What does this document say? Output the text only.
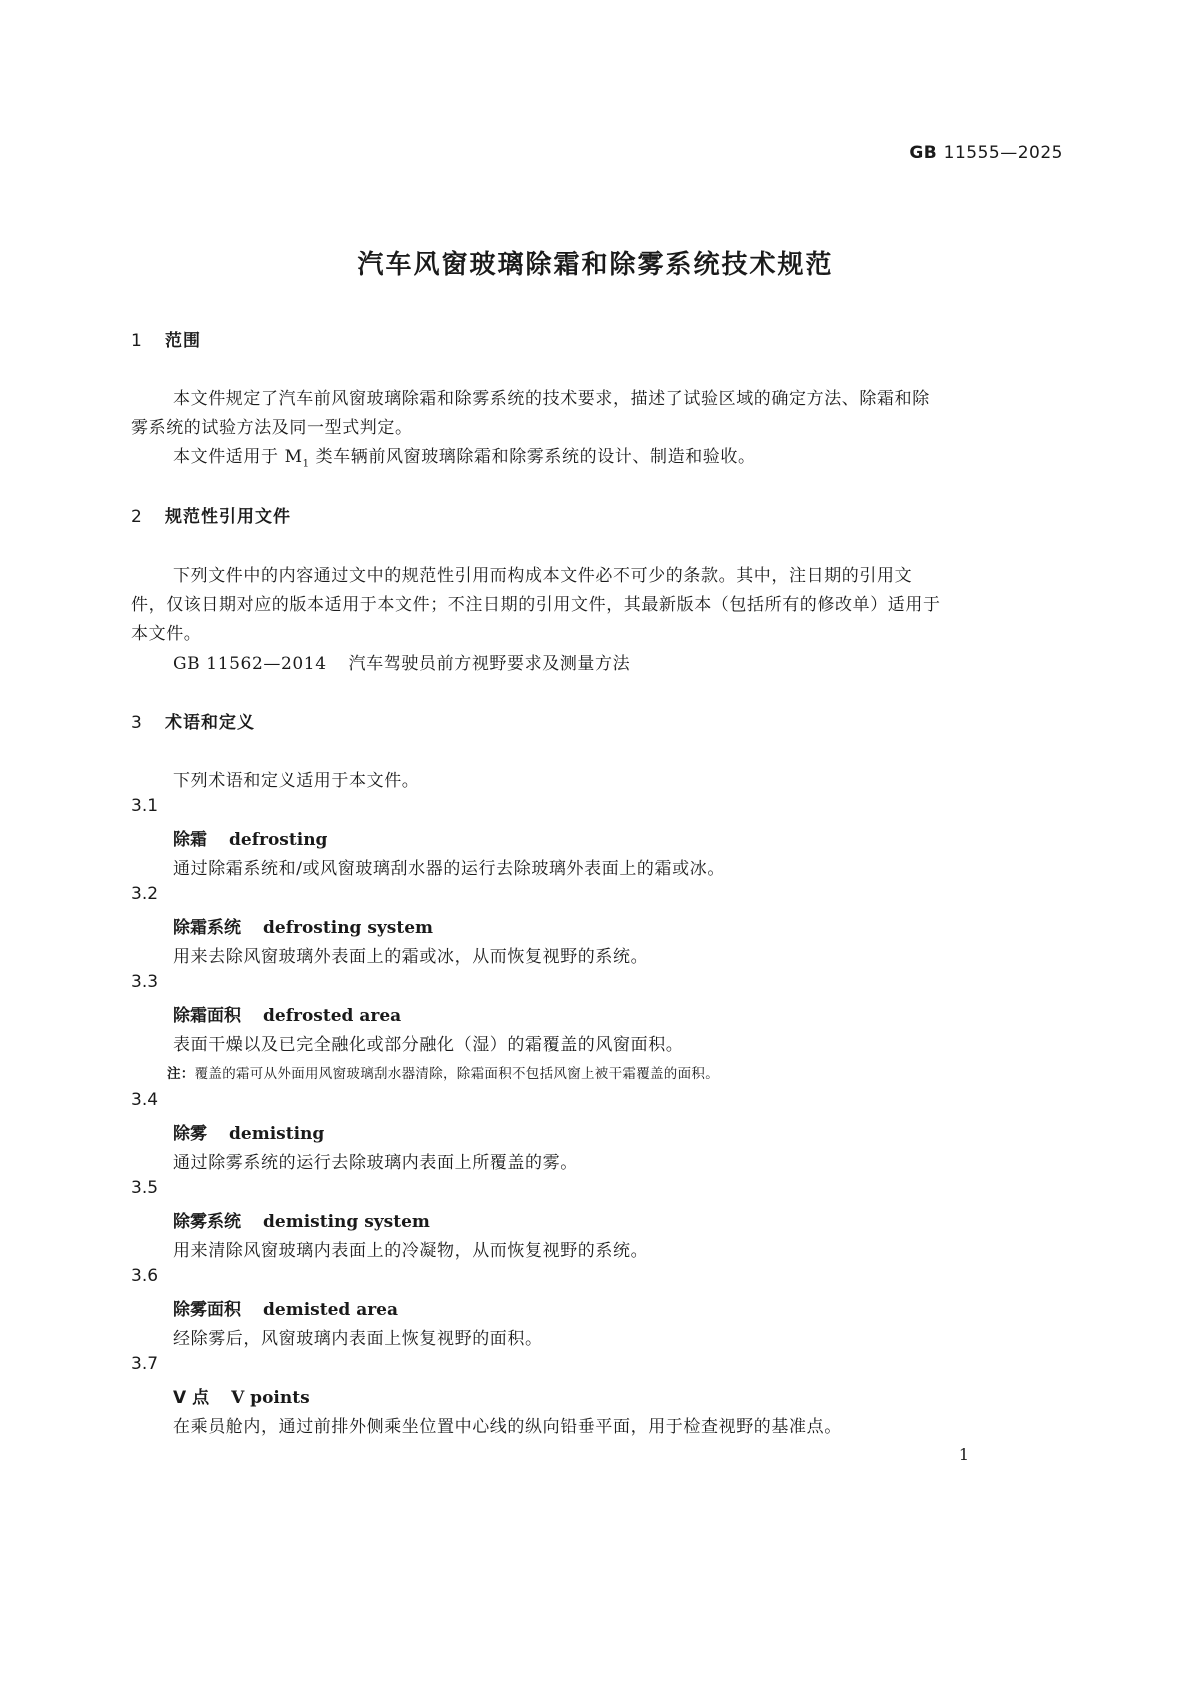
GB 11555—2025
汽车风窗玻璃除霜和除雾系统技术规范
1 范围
本文件规定了汽车前风窗玻璃除霜和除雾系统的技术要求，描述了试验区域的确定方法、除霜和除
雾系统的试验方法及同一型式判定。
本文件适用于 $M_1$ 类车辆前风窗玻璃除霜和除雾系统的设计、制造和验收。
2 规范性引用文件
下列文件中的内容通过文中的规范性引用而构成本文件必不可少的条款。其中，注日期的引用文
件，仅该日期对应的版本适用于本文件；不注日期的引用文件，其最新版本（包括所有的修改单）适用于
本文件。
GB 11562—2014 汽车驾驶员前方视野要求及测量方法
3 术语和定义
下列术语和定义适用于本文件。
3.1
除霜 defrosting
通过除霜系统和/或风窗玻璃刮水器的运行去除玻璃外表面上的霜或冰。
3.2
除霜系统 defrosting system
用来去除风窗玻璃外表面上的霜或冰，从而恢复视野的系统。
3.3
除霜面积 defrosted area
表面干燥以及已完全融化或部分融化（湿）的霜覆盖的风窗面积。
注：覆盖的霜可从外面用风窗玻璃刮水器清除，除霜面积不包括风窗上被干霜覆盖的面积。
3.4
除雾 demisting
通过除雾系统的运行去除玻璃内表面上所覆盖的雾。
3.5
除雾系统 demisting system
用来清除风窗玻璃内表面上的冷凝物，从而恢复视野的系统。
3.6
除雾面积 demisted area
经除雾后，风窗玻璃内表面上恢复视野的面积。
3.7
V 点 V points
在乘员舱内，通过前排外侧乘坐位置中心线的纵向铅垂平面，用于检查视野的基准点。
1
